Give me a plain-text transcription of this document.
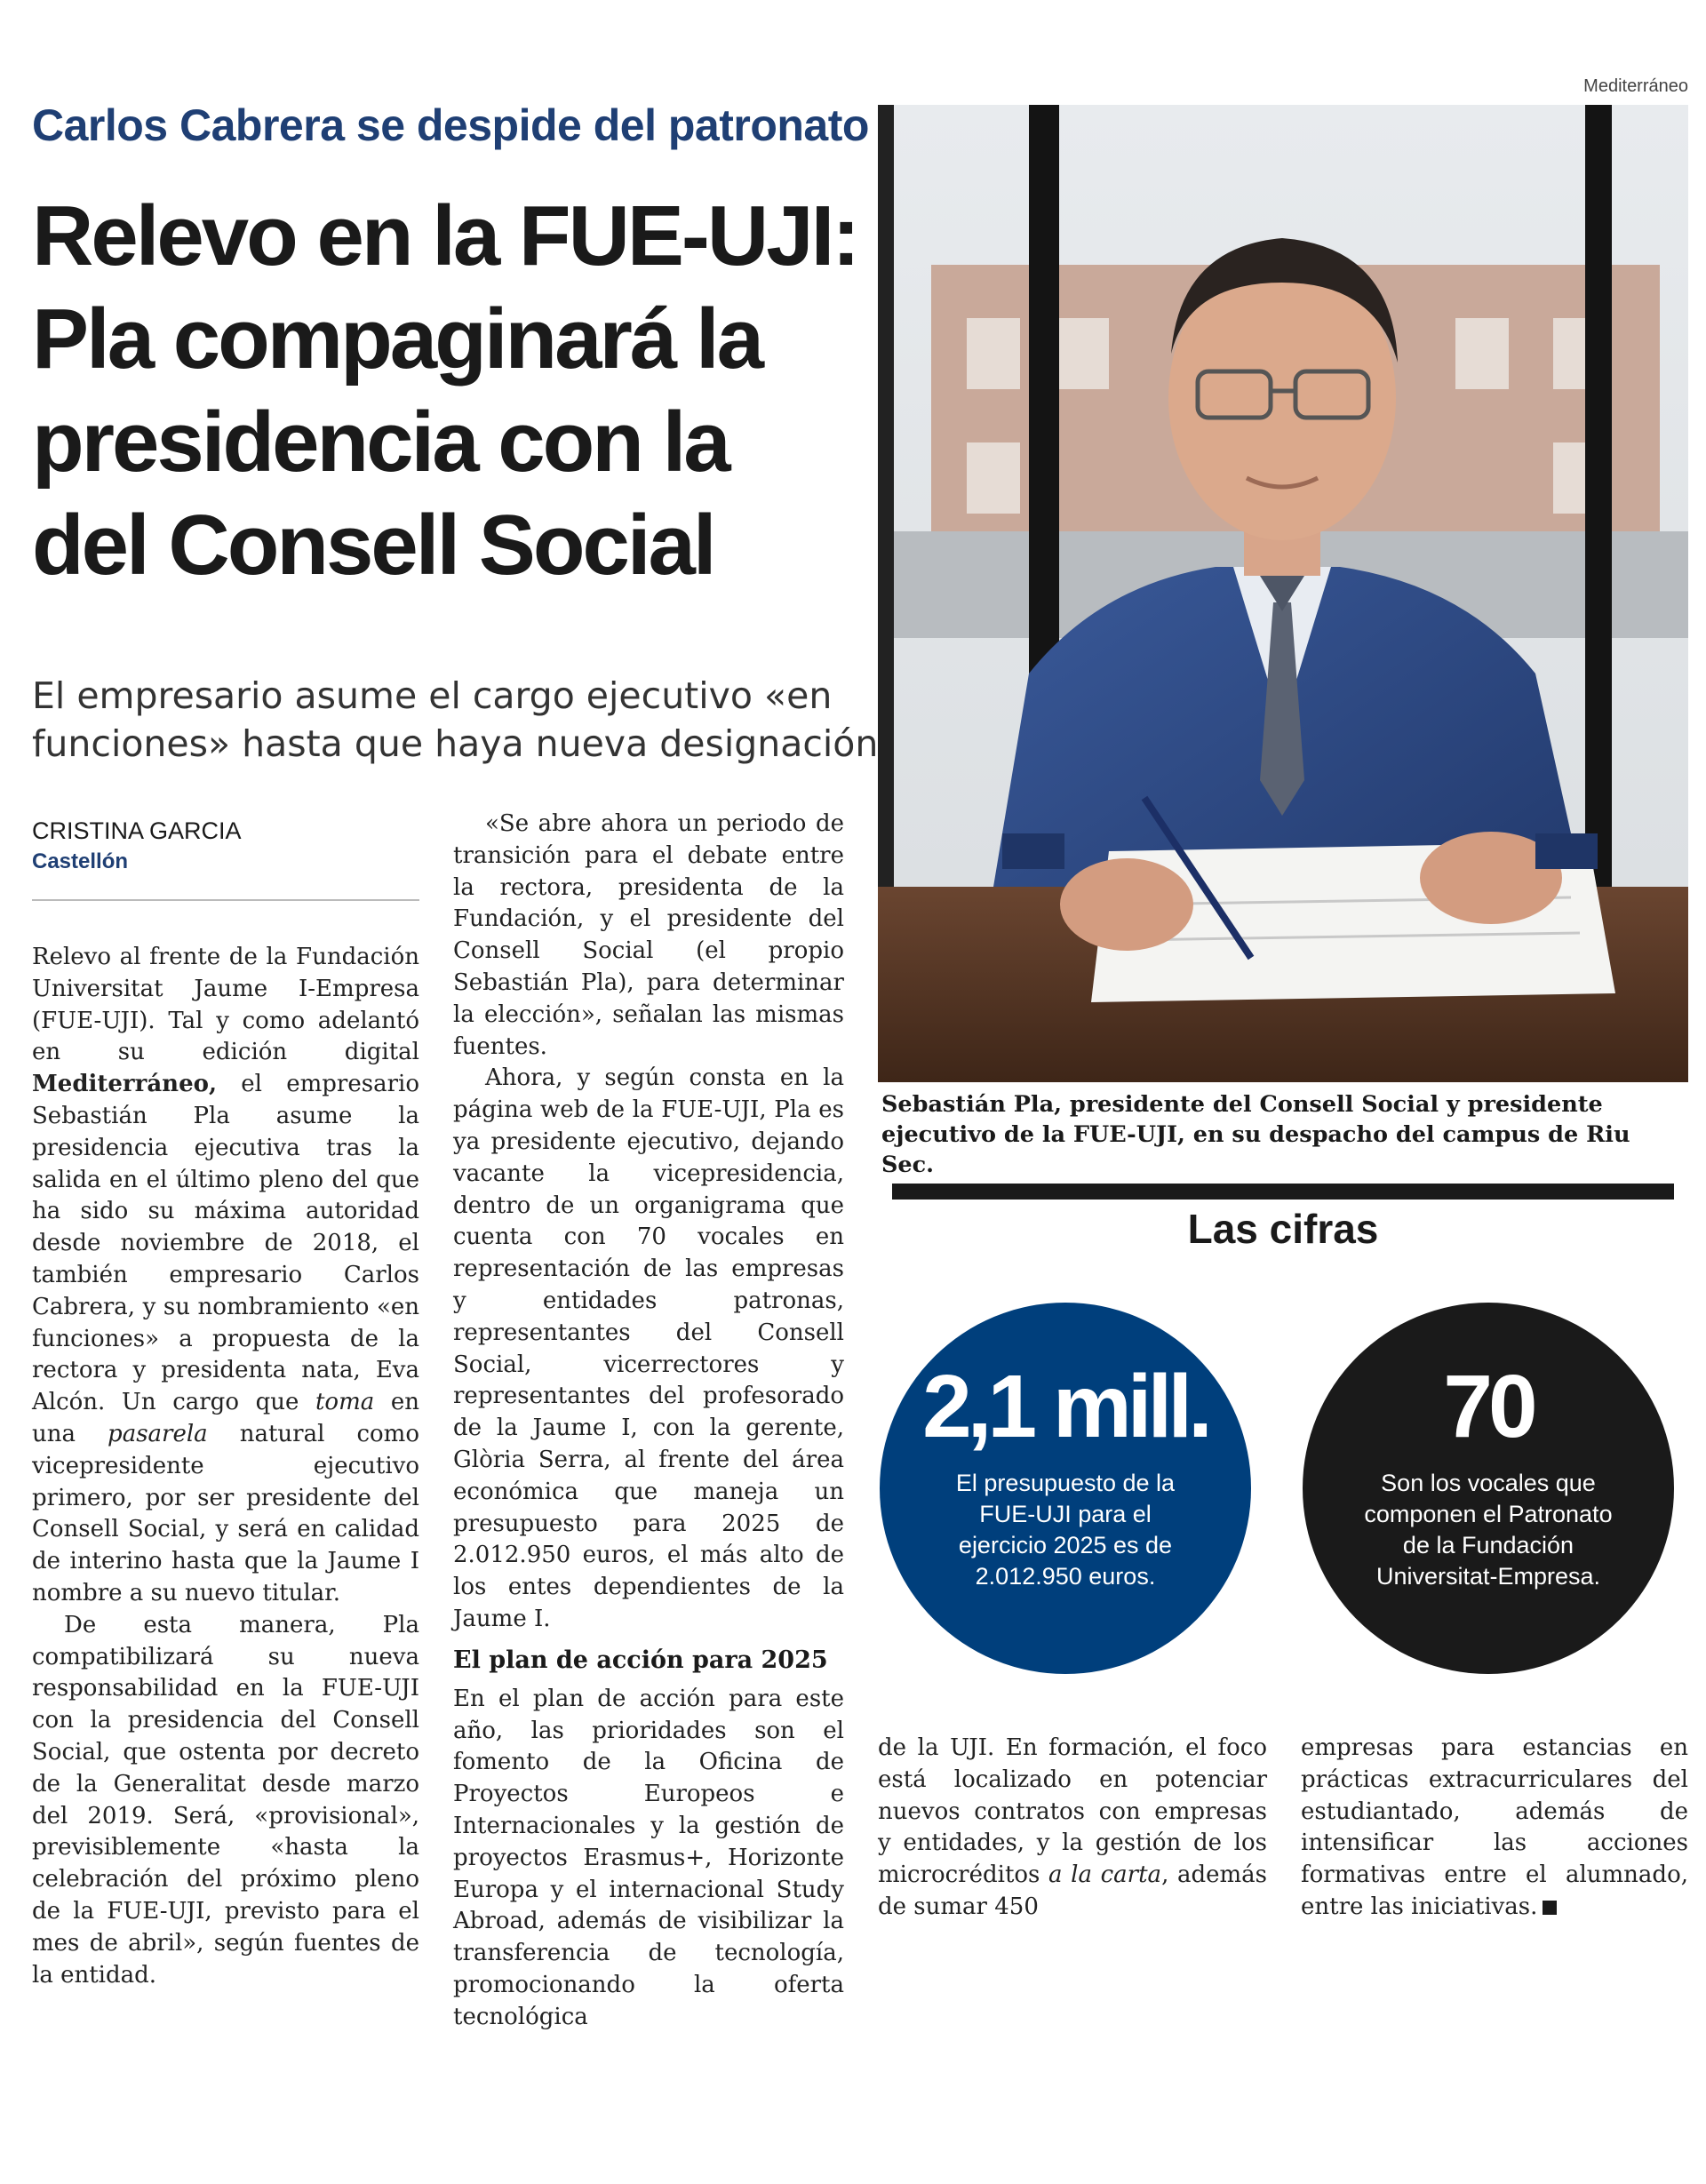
Carlos Cabrera se despide del patronato
Relevo en la FUE-UJI:
Pla compaginará la
presidencia con la
del Consell Social
El empresario asume el cargo ejecutivo «en
funciones» hasta que haya nueva designación
CRISTINA GARCIA
Castellón

Relevo al frente de la Fundación Universitat Jaume I-Empresa (FUE-UJI). Tal y como adelantó en su edición digital Mediterráneo, el empresario Sebastián Pla asume la presidencia ejecutiva tras la salida en el último pleno del que ha sido su máxima autoridad desde noviembre de 2018, el también empresario Carlos Cabrera, y su nombramiento «en funciones» a propuesta de la rectora y presidenta nata, Eva Alcón. Un cargo que toma en una pasarela natural como vicepresidente ejecutivo primero, por ser presidente del Consell Social, y será en calidad de interino hasta que la Jaume I nombre a su nuevo titular.

De esta manera, Pla compatibilizará su nueva responsabilidad en la FUE-UJI con la presidencia del Consell Social, que ostenta por decreto de la Generalitat desde marzo del 2019. Será, «provisional», previsiblemente «hasta la celebración del próximo pleno de la FUE-UJI, previsto para el mes de abril», según fuentes de la entidad.

«Se abre ahora un periodo de transición para el debate entre la rectora, presidenta de la Fundación, y el presidente del Consell Social (el propio Sebastián Pla), para determinar la elección», señalan las mismas fuentes.

Ahora, y según consta en la página web de la FUE-UJI, Pla es ya presidente ejecutivo, dejando vacante la vicepresidencia, dentro de un organigrama que cuenta con 70 vocales en representación de las empresas y entidades patronas, representantes del Consell Social, vicerrectores y representantes del profesorado de la Jaume I, con la gerente, Glòria Serra, al frente del área económica que maneja un presupuesto para 2025 de 2.012.950 euros, el más alto de los entes dependientes de la Jaume I.

El plan de acción para 2025

En el plan de acción para este año, las prioridades son el fomento de la Oficina de Proyectos Europeos e Internacionales y la gestión de proyectos Erasmus+, Horizonte Europa y el internacional Study Abroad, además de visibilizar la transferencia de tecnología, promocionando la oferta tecnológica

de la UJI. En formación, el foco está localizado en potenciar nuevos contratos con empresas y entidades, y la gestión de los microcréditos a la carta, además de sumar 450

empresas para estancias en prácticas extracurriculares del estudiantado, además de intensificar las acciones formativas entre el alumnado, entre las iniciativas.

Mediterráneo
Sebastián Pla, presidente del Consell Social y presidente ejecutivo de la FUE-UJI, en su despacho del campus de Riu Sec.
Las cifras
2,1 mill.
El presupuesto de la FUE-UJI para el ejercicio 2025 es de 2.012.950 euros.
70
Son los vocales que componen el Patronato de la Fundación Universitat-Empresa.
